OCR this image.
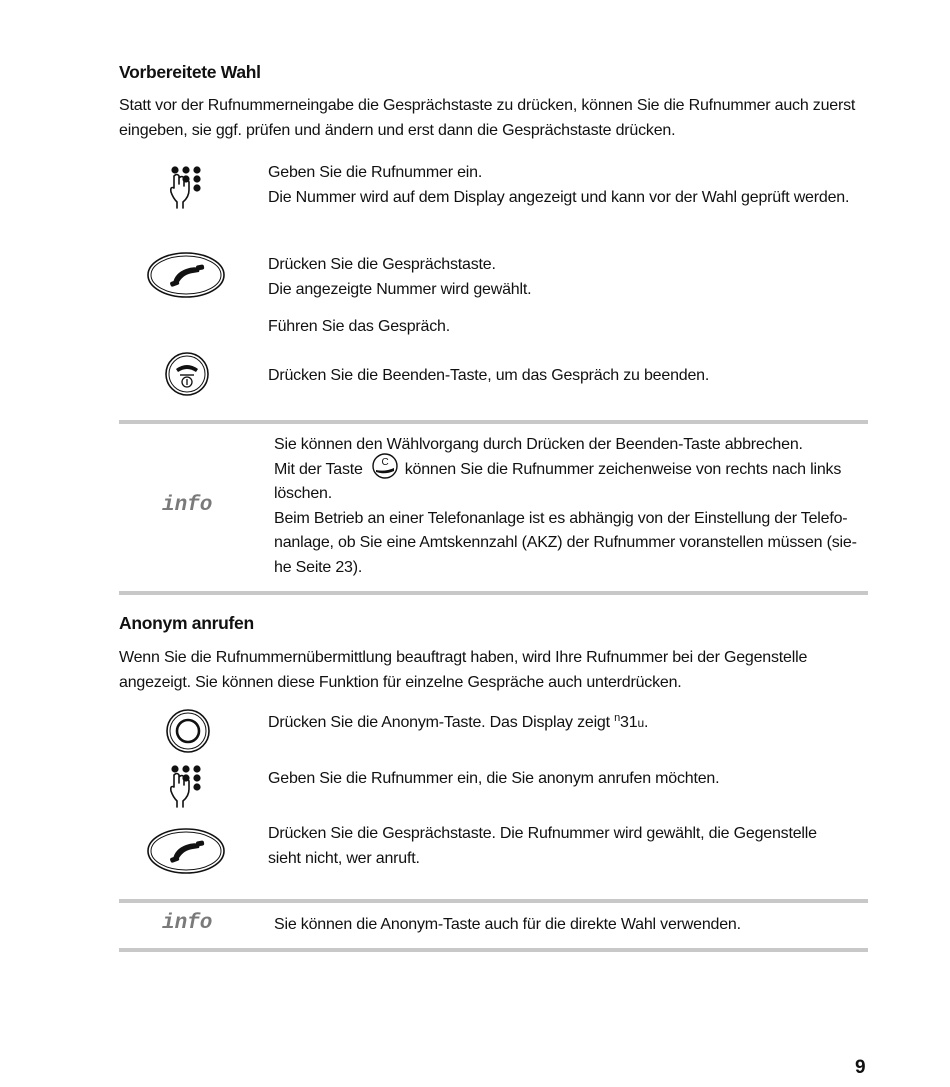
Vorbereitete Wahl
Statt vor der Rufnummerneingabe die Gesprächstaste zu drücken, können Sie die Rufnummer auch zuerst eingeben, sie ggf. prüfen und ändern und erst dann die Gesprächstaste drücken.
Geben Sie die Rufnummer ein.
Die Nummer wird auf dem Display angezeigt und kann vor der Wahl geprüft werden.
Drücken Sie die Gesprächstaste.
Die angezeigte Nummer wird gewählt.
Führen Sie das Gespräch.
Drücken Sie die Beenden-Taste, um das Gespräch zu beenden.
info
Sie können den Wählvorgang durch Drücken der Beenden-Taste abbrechen.
Mit der Taste C können Sie die Rufnummer zeichenweise von rechts nach links
löschen.
Beim Betrieb an einer Telefonanlage ist es abhängig von der Einstellung der Telefo-
nanlage, ob Sie eine Amtskennzahl (AKZ) der Rufnummer voranstellen müssen (sie-
he Seite 23).
Anonym anrufen
Wenn Sie die Rufnummernübermittlung beauftragt haben, wird Ihre Rufnummer bei der Gegenstelle angezeigt. Sie können diese Funktion für einzelne Gespräche auch unterdrücken.
Drücken Sie die Anonym-Taste. Das Display zeigt $^n$31u.
Geben Sie die Rufnummer ein, die Sie anonym anrufen möchten.
Drücken Sie die Gesprächstaste. Die Rufnummer wird gewählt, die Gegenstelle sieht nicht, wer anruft.
info	Sie können die Anonym-Taste auch für die direkte Wahl verwenden.
9
